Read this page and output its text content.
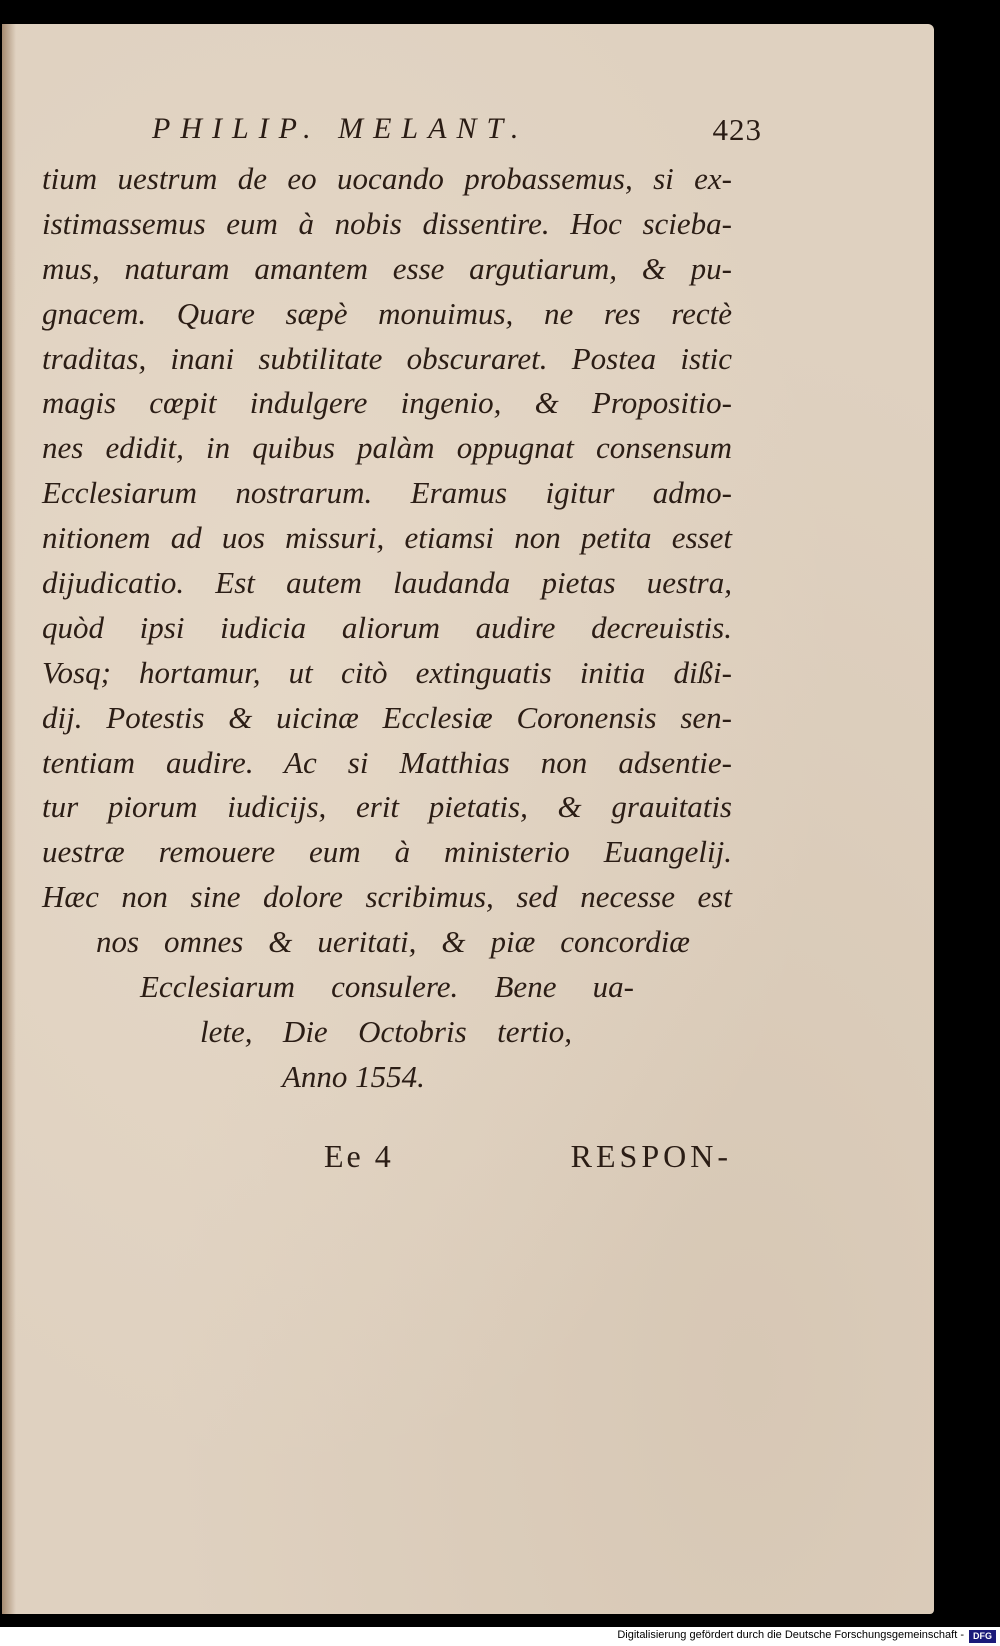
PHILIP. MELANT.	423
tium uestrum de eo uocando probassemus, si ex-
istimassemus eum à nobis dissentire. Hoc sciebа-
mus, naturam amantem esse argutiarum, & pu-
gnacem. Quare sæpè monuimus, ne res rectè
traditas, inani subtilitate obscuraret. Postea istic
magis cœpit indulgere ingenio, & Propositio-
nes edidit, in quibus palàm oppugnat consensum
Ecclesiarum nostrarum. Eramus igitur admo-
nitionem ad uos missuri, etiamsi non petita esset
dijudicatio. Est autem laudanda pietas uestra,
quòd ipsi iudicia aliorum audire decreuistis.
Vosq; hortamur, ut citò extinguatis initia dißi-
dij. Potestis & uicinæ Ecclesiæ Coronensis sen-
tentiam audire. Ac si Matthias non adsentie-
tur piorum iudicijs, erit pietatis, & grauitatis
uestræ remouere eum à ministerio Euangelij.
Hæc non sine dolore scribimus, sed necesse est
nos omnes & ueritati, & piæ concordiæ
Ecclesiarum consulere. Bene ua-
lete, Die Octobris tertio,
Anno 1554.
Ee 4	RESPON-
Digitalisierung gefördert durch die Deutsche Forschungsgemeinschaft -	DFG
